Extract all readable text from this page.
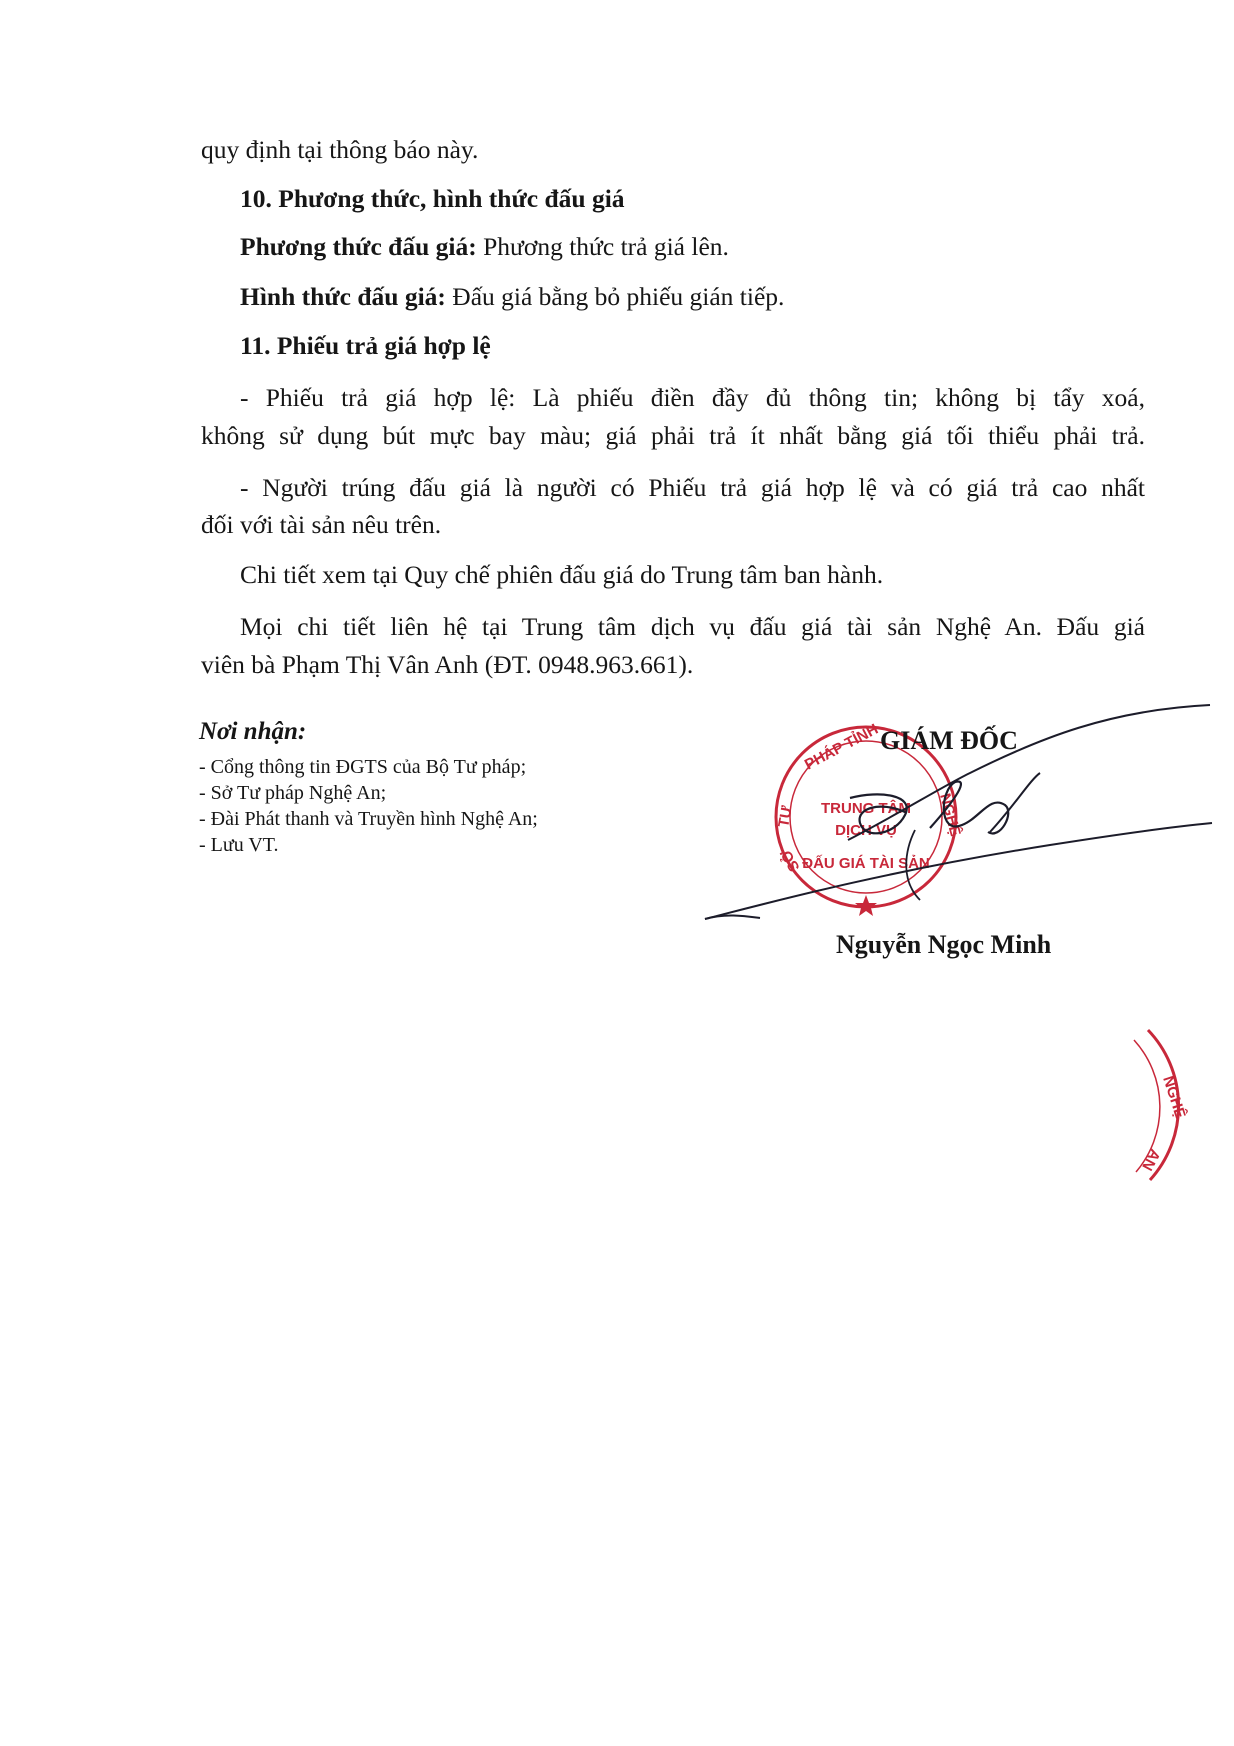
quy định tại thông báo này.
10. Phương thức, hình thức đấu giá
Phương thức đấu giá: Phương thức trả giá lên.
Hình thức đấu giá: Đấu giá bằng bỏ phiếu gián tiếp.
11. Phiếu trả giá hợp lệ
- Phiếu trả giá hợp lệ: Là phiếu điền đầy đủ thông tin; không bị tẩy xoá,
không sử dụng bút mực bay màu; giá phải trả ít nhất bằng giá tối thiểu phải trả.
- Người trúng đấu giá là người có Phiếu trả giá hợp lệ và có giá trả cao nhất
đối với tài sản nêu trên.
Chi tiết xem tại Quy chế phiên đấu giá do Trung tâm ban hành.
Mọi chi tiết liên hệ tại Trung tâm dịch vụ đấu giá tài sản Nghệ An. Đấu giá
viên bà Phạm Thị Vân Anh (ĐT. 0948.963.661).
Nơi nhận:
- Cổng thông tin ĐGTS của Bộ Tư pháp;
- Sở Tư pháp Nghệ An;
- Đài Phát thanh và Truyền hình Nghệ An;
- Lưu VT.
PHÁP TỈNH
TƯ
SỞ
NGHỆ
TRUNG TÂM
DỊCH VỤ
ĐẤU GIÁ TÀI SẢN
NGHỆ
AN
GIÁM ĐỐC
Nguyễn Ngọc Minh
